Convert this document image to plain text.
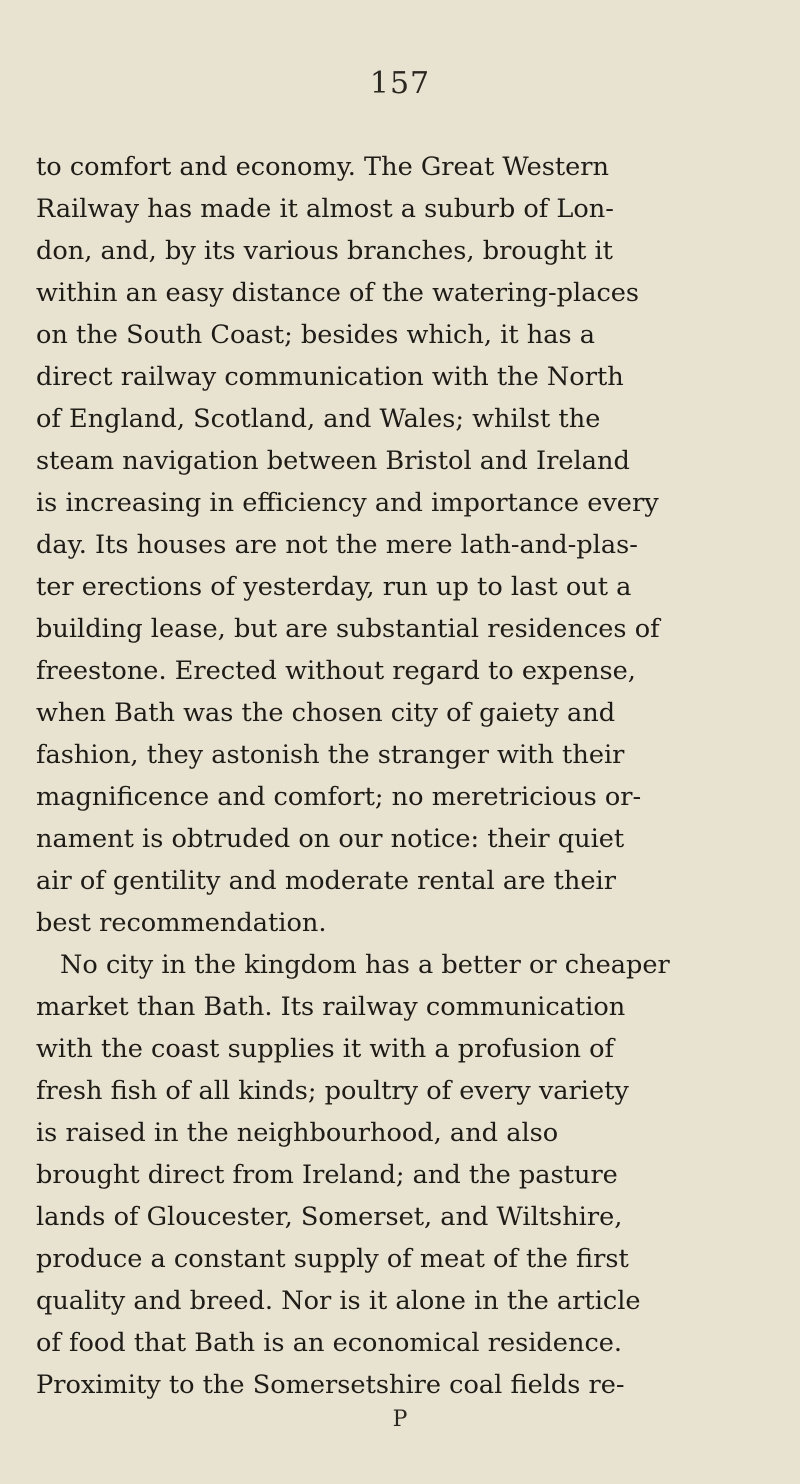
157
to comfort and economy. The Great Western
Railway has made it almost a suburb of Lon-
don, and, by its various branches, brought it
within an easy distance of the watering-places
on the South Coast; besides which, it has a
direct railway communication with the North
of England, Scotland, and Wales; whilst the
steam navigation between Bristol and Ireland
is increasing in efficiency and importance every
day. Its houses are not the mere lath-and-plas-
ter erections of yesterday, run up to last out a
building lease, but are substantial residences of
freestone. Erected without regard to expense,
when Bath was the chosen city of gaiety and
fashion, they astonish the stranger with their
magnificence and comfort; no meretricious or-
nament is obtruded on our notice: their quiet
air of gentility and moderate rental are their
best recommendation.
No city in the kingdom has a better or cheaper
market than Bath. Its railway communication
with the coast supplies it with a profusion of
fresh fish of all kinds; poultry of every variety
is raised in the neighbourhood, and also
brought direct from Ireland; and the pasture
lands of Gloucester, Somerset, and Wiltshire,
produce a constant supply of meat of the first
quality and breed. Nor is it alone in the article
of food that Bath is an economical residence.
Proximity to the Somersetshire coal fields re-
P
